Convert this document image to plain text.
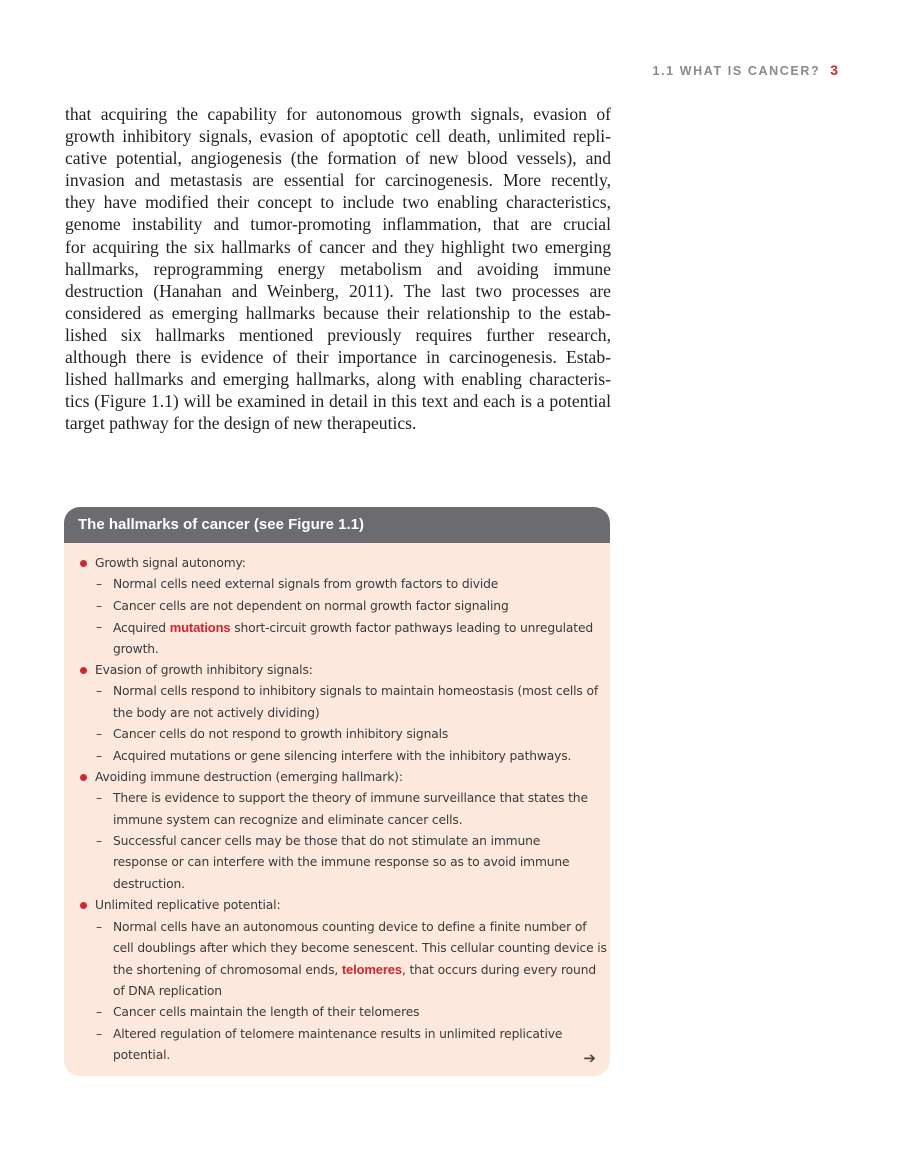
1.1 WHAT IS CANCER? 3
that acquiring the capability for autonomous growth signals, evasion of
growth inhibitory signals, evasion of apoptotic cell death, unlimited repli-
cative potential, angiogenesis (the formation of new blood vessels), and
invasion and metastasis are essential for carcinogenesis. More recently,
they have modified their concept to include two enabling characteristics,
genome instability and tumor-promoting inflammation, that are crucial
for acquiring the six hallmarks of cancer and they highlight two emerging
hallmarks, reprogramming energy metabolism and avoiding immune
destruction (Hanahan and Weinberg, 2011). The last two processes are
considered as emerging hallmarks because their relationship to the estab-
lished six hallmarks mentioned previously requires further research,
although there is evidence of their importance in carcinogenesis. Estab-
lished hallmarks and emerging hallmarks, along with enabling characteris-
tics (Figure 1.1) will be examined in detail in this text and each is a potential
target pathway for the design of new therapeutics.
The hallmarks of cancer (see Figure 1.1)
Growth signal autonomy:
– Normal cells need external signals from growth factors to divide
– Cancer cells are not dependent on normal growth factor signaling
– Acquired mutations short-circuit growth factor pathways leading to unregulated
growth.
Evasion of growth inhibitory signals:
– Normal cells respond to inhibitory signals to maintain homeostasis (most cells of
the body are not actively dividing)
– Cancer cells do not respond to growth inhibitory signals
– Acquired mutations or gene silencing interfere with the inhibitory pathways.
Avoiding immune destruction (emerging hallmark):
– There is evidence to support the theory of immune surveillance that states the
immune system can recognize and eliminate cancer cells.
– Successful cancer cells may be those that do not stimulate an immune
response or can interfere with the immune response so as to avoid immune
destruction.
Unlimited replicative potential:
– Normal cells have an autonomous counting device to define a finite number of
cell doublings after which they become senescent. This cellular counting device is
the shortening of chromosomal ends, telomeres, that occurs during every round
of DNA replication
– Cancer cells maintain the length of their telomeres
– Altered regulation of telomere maintenance results in unlimited replicative
potential.	➔
